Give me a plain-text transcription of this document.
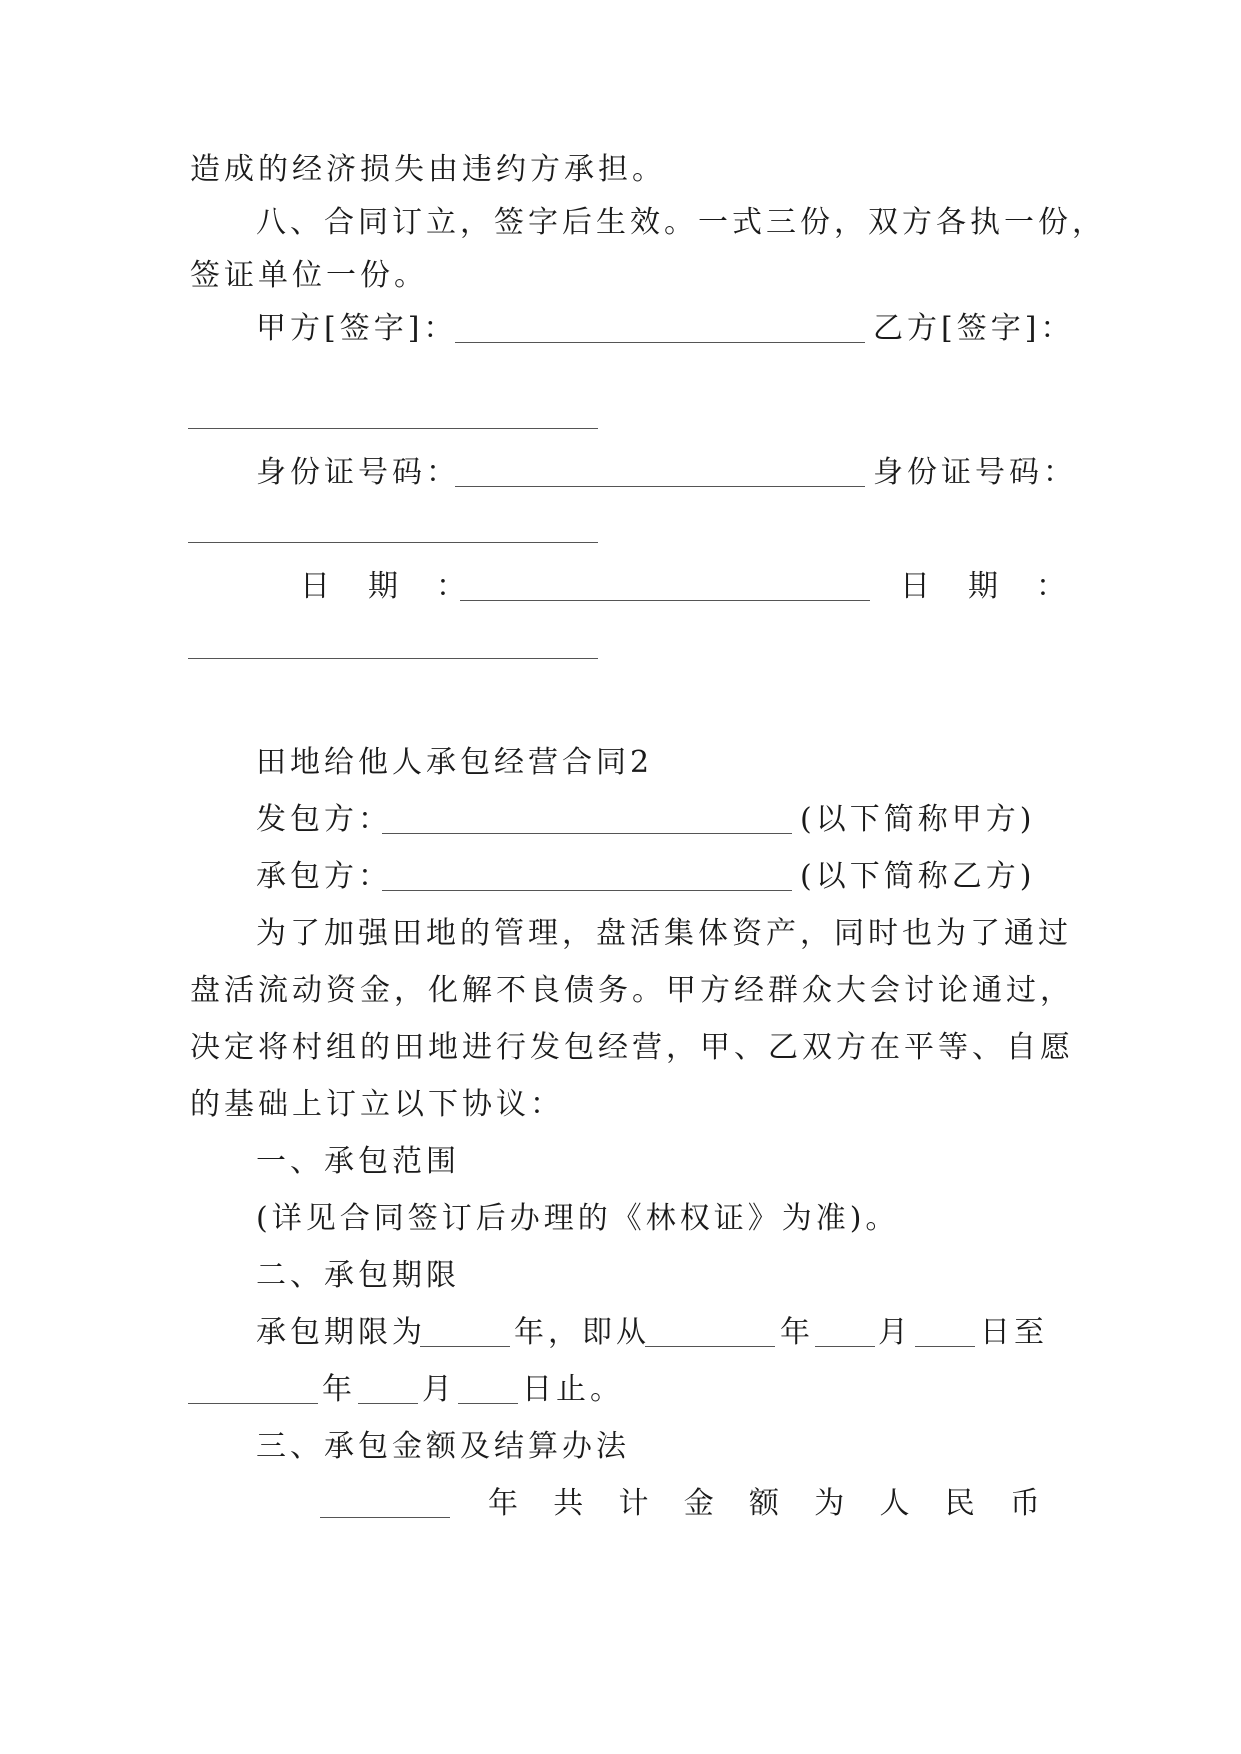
造成的经济损失由违约方承担。
八、合同订立，签字后生效。一式三份，双方各执一份，
签证单位一份。
甲方[签字]：	乙方[签字]：
身份证号码：	身份证号码：
日　期　：	日　期　：
田地给他人承包经营合同2
发包方：	(以下简称甲方)
承包方：	(以下简称乙方)
为了加强田地的管理，盘活集体资产，同时也为了通过
盘活流动资金，化解不良债务。甲方经群众大会讨论通过，
决定将村组的田地进行发包经营，甲、乙双方在平等、自愿
的基础上订立以下协议：
一、承包范围
(详见合同签订后办理的《林权证》为准)。
二、承包期限
承包期限为	年，即从	年 月 日至
年 月 日止。
三、承包金额及结算办法
年 共 计 金 额 为 人 民 币
